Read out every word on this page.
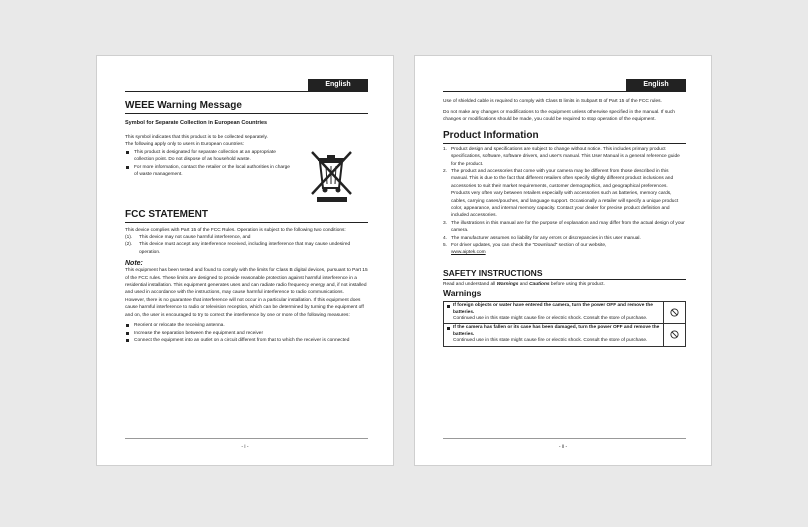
English
WEEE Warning Message
Symbol for Separate Collection in European Countries

This symbol indicates that this product is to be collected separately.

The following apply only to users in European countries:

This product is designated for separate collection at an appropriate collection point. Do not dispose of as household waste.
For more information, contact the retailer or the local authorities in charge of waste management.
FCC STATEMENT

This device complies with Part 15 of the FCC Rules. Operation is subject to the following two conditions:

(1). This device may not cause harmful interference, and
(2). This device must accept any interference received, including interference that may cause undesired operation.
Note:

This equipment has been tested and found to comply with the limits for Class B digital devices, pursuant to Part 15 of the FCC rules. These limits are designed to provide reasonable protection against harmful interference in a residential installation. This equipment generates uses and can radiate radio frequency energy and, if not installed and used in accordance with the instructions, may cause harmful interference to radio communications.

However, there is no guarantee that interference will not occur in a particular installation. If this equipment does cause harmful interference to radio or television reception, which can be determined by turning the equipment off and on, the user is encouraged to try to correct the interference by one or more of the following measures:

Reorient or relocate the receiving antenna.
Increase the separation between the equipment and receiver
Connect the equipment into an outlet on a circuit different from that to which the receiver is connected
- i -
English

Use of shielded cable is required to comply with Class B limits in Subpart B of Part 15 of the FCC rules.

Do not make any changes or modifications to the equipment unless otherwise specified in the manual. If such changes or modifications should be made, you could be required to stop operation of the equipment.

Product Information
1. Product design and specifications are subject to change without notice. This includes primary product specifications, software, software drivers, and user's manual. This User Manual is a general reference guide for the product.
2. The product and accessories that come with your camera may be different from those described in this manual. This is due to the fact that different retailers often specify slightly different product inclusions and accessories to suit their market requirements, customer demographics, and geographical preferences. Products very often vary between retailers especially with accessories such as batteries, memory cards, cables, carrying cases/pouches, and language support. Occasionally a retailer will specify a unique product color, appearance, and internal memory capacity. Contact your dealer for precise product definition and included accessories.
3. The illustrations in this manual are for the purpose of explanation and may differ from the actual design of your camera.
4. The manufacturer assumes no liability for any errors or discrepancies in this user manual.
5. For driver updates, you can check the "Download" section of our website,
www.aiptek.com
SAFETY INSTRUCTIONS

Read and understand all Warnings and Cautions before using this product.

Warnings
If foreign objects or water have entered the camera, turn the power OFF and remove the batteries.
Continued use in this state might cause fire or electric shock. Consult the store of purchase.

If the camera has fallen or its case has been damaged, turn the power OFF and remove the batteries.
Continued use in this state might cause fire or electric shock. Consult the store of purchase.

- ii -
